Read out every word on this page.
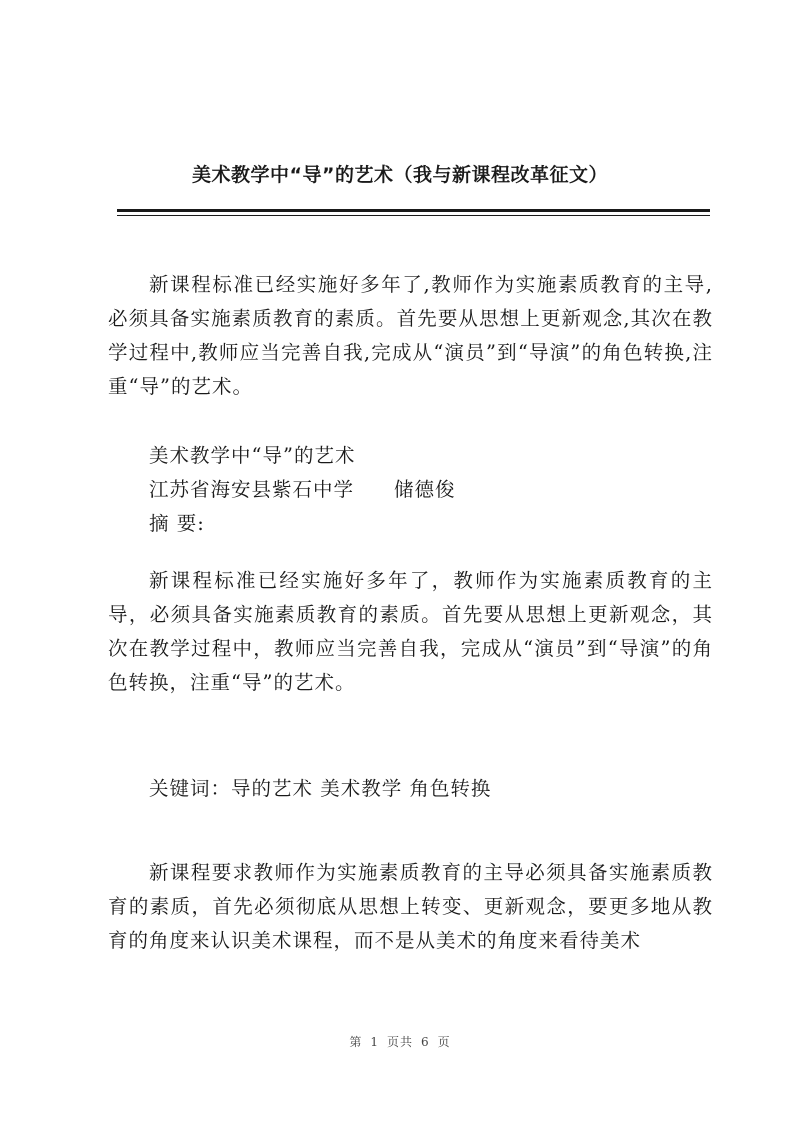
美术教学中“导”的艺术（我与新课程改革征文）

新课程标准已经实施好多年了,教师作为实施素质教育的主导,必须具备实施素质教育的素质。首先要从思想上更新观念,其次在教学过程中,教师应当完善自我,完成从“演员”到“导演”的角色转换,注重“导”的艺术。

美术教学中“导”的艺术

江苏省海安县紫石中学 储德俊

摘 要:

新课程标准已经实施好多年了，教师作为实施素质教育的主导，必须具备实施素质教育的素质。首先要从思想上更新观念，其次在教学过程中，教师应当完善自我，完成从“演员”到“导演”的角色转换，注重“导”的艺术。

关键词：导的艺术 美术教学 角色转换

新课程要求教师作为实施素质教育的主导必须具备实施素质教育的素质，首先必须彻底从思想上转变、更新观念，要更多地从教育的角度来认识美术课程，而不是从美术的角度来看待美术

第 1 页共 6 页
